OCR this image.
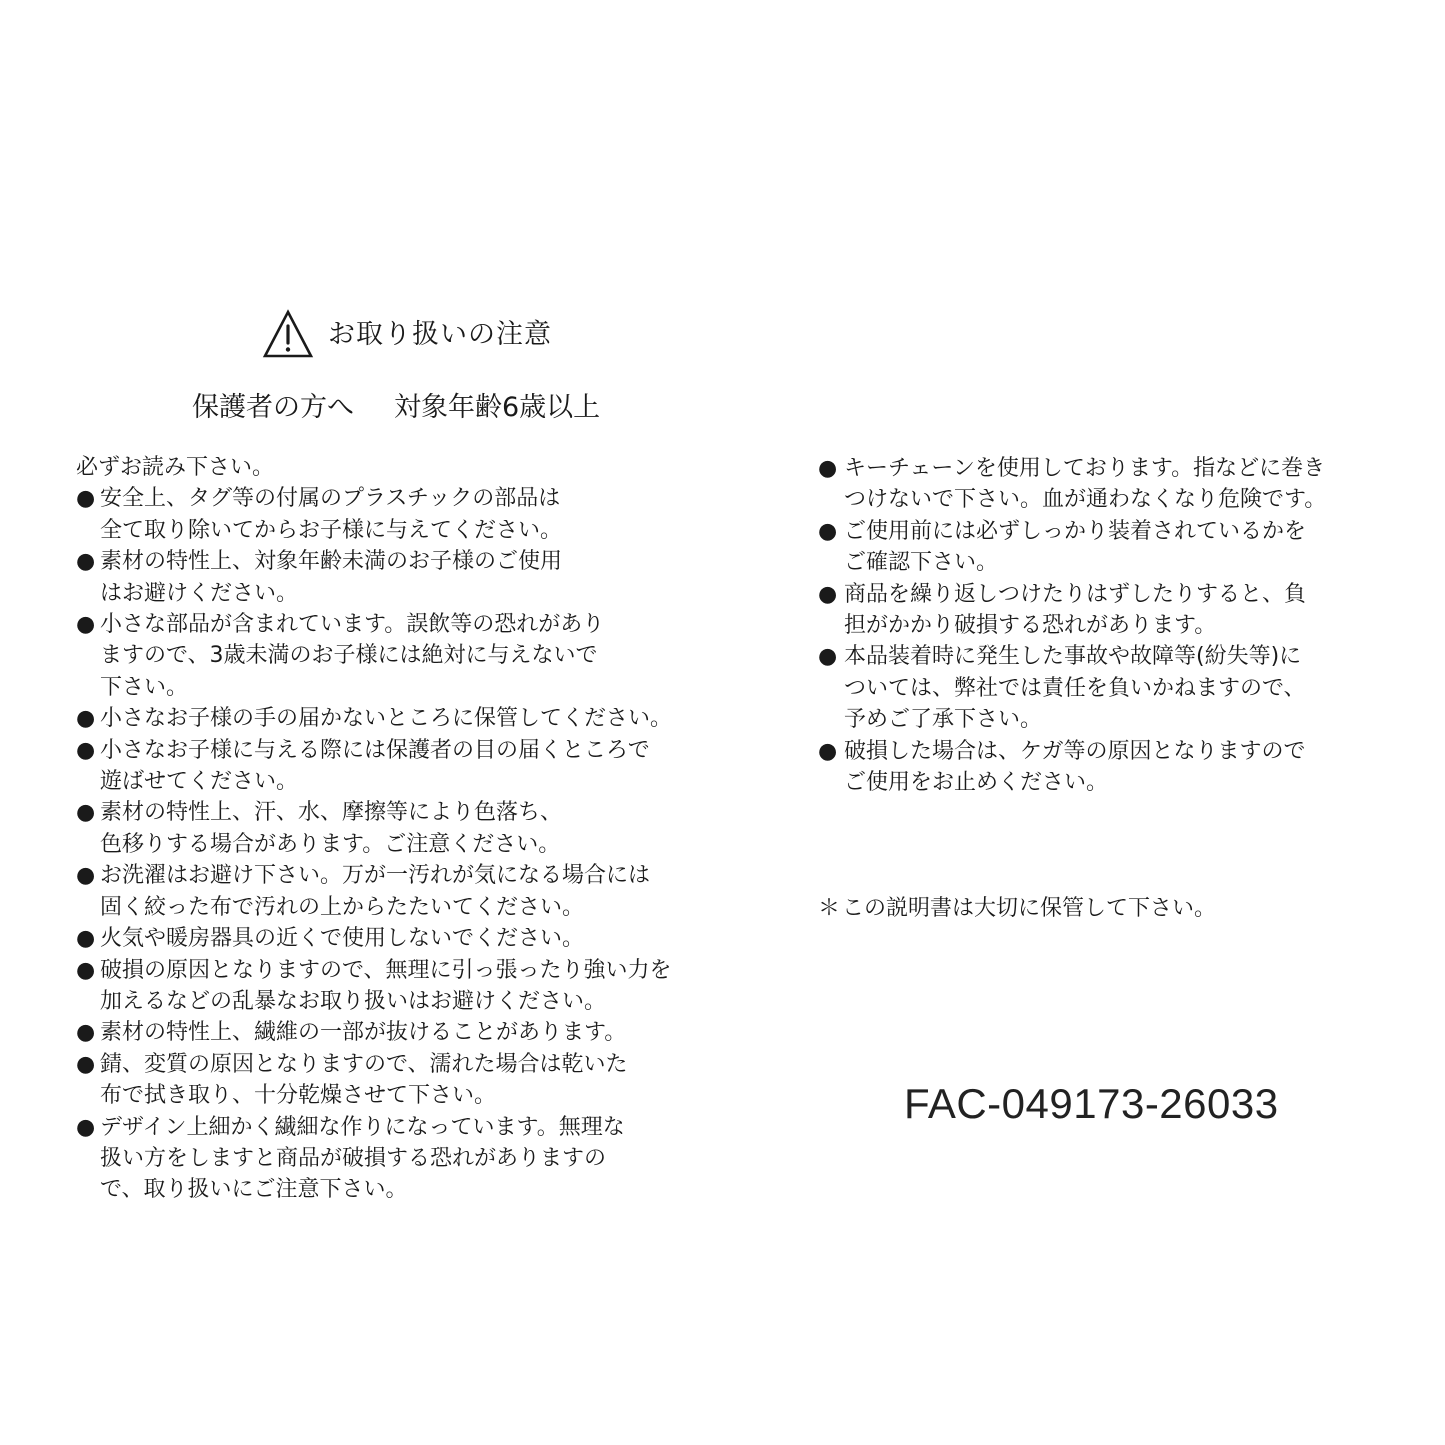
お取り扱いの注意
保護者の方へ 対象年齢6歳以上
必ずお読み下さい。
● 安全上、タグ等の付属のプラスチックの部品は
全て取り除いてからお子様に与えてください。
● 素材の特性上、対象年齢未満のお子様のご使用
はお避けください。
● 小さな部品が含まれています。誤飲等の恐れがあり
ますので、3歳未満のお子様には絶対に与えないで
下さい。
● 小さなお子様の手の届かないところに保管してください。
● 小さなお子様に与える際には保護者の目の届くところで
遊ばせてください。
● 素材の特性上、汗、水、摩擦等により色落ち、
色移りする場合があります。ご注意ください。
● お洗濯はお避け下さい。万が一汚れが気になる場合には
固く絞った布で汚れの上からたたいてください。
● 火気や暖房器具の近くで使用しないでください。
● 破損の原因となりますので、無理に引っ張ったり強い力を
加えるなどの乱暴なお取り扱いはお避けください。
● 素材の特性上、繊維の一部が抜けることがあります。
● 錆、変質の原因となりますので、濡れた場合は乾いた
布で拭き取り、十分乾燥させて下さい。
● デザイン上細かく繊細な作りになっています。無理な
扱い方をしますと商品が破損する恐れがありますの
で、取り扱いにご注意下さい。
● キーチェーンを使用しております。指などに巻き
つけないで下さい。血が通わなくなり危険です。
● ご使用前には必ずしっかり装着されているかを
ご確認下さい。
● 商品を繰り返しつけたりはずしたりすると、負
担がかかり破損する恐れがあります。
● 本品装着時に発生した事故や故障等(紛失等)に
ついては、弊社では責任を負いかねますので、
予めご了承下さい。
● 破損した場合は、ケガ等の原因となりますので
ご使用をお止めください。
＊この説明書は大切に保管して下さい。
FAC-049173-26033
